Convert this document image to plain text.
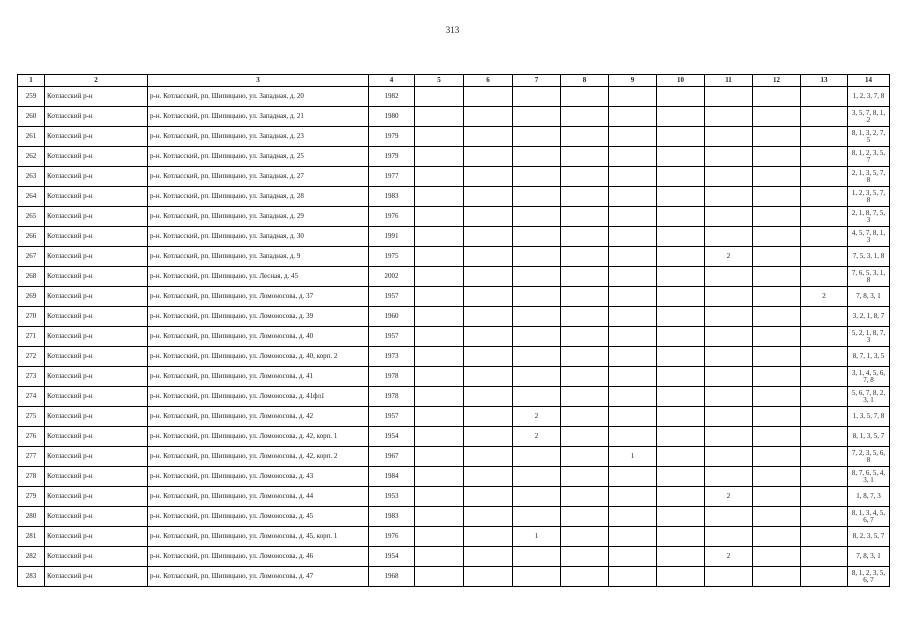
313
1	2	3	4	5	6	7	8	9	10	11	12	13	14
259	Котласский р-н	р-н. Котласский, рп. Шипицыно, ул. Западная, д. 20	1982										1, 2, 3, 7, 8
260	Котласский р-н	р-н. Котласский, рп. Шипицыно, ул. Западная, д. 21	1980										3, 5, 7, 8, 1, 2
261	Котласский р-н	р-н. Котласский, рп. Шипицыно, ул. Западная, д. 23	1979										8, 1, 3, 2, 7, 5
262	Котласский р-н	р-н. Котласский, рп. Шипицыно, ул. Западная, д. 25	1979										8, 1, 2, 3, 5, 7
263	Котласский р-н	р-н. Котласский, рп. Шипицыно, ул. Западная, д. 27	1977										2, 1, 3, 5, 7, 8
264	Котласский р-н	р-н. Котласский, рп. Шипицыно, ул. Западная, д. 28	1983										1, 2, 3, 5, 7, 8
265	Котласский р-н	р-н. Котласский, рп. Шипицыно, ул. Западная, д. 29	1976										2, 1, 8, 7, 5, 3
266	Котласский р-н	р-н. Котласский, рп. Шипицыно, ул. Западная, д. 30	1991										4, 5, 7, 8, 1, 3
267	Котласский р-н	р-н. Котласский, рп. Шипицыно, ул. Западная, д. 9	1975							2			7, 5, 3, 1, 8
268	Котласский р-н	р-н. Котласский, рп. Шипицыно, ул. Лесная, д. 45	2002										7, 6, 5, 3, 1, 8
269	Котласский р-н	р-н. Котласский, рп. Шипицыно, ул. Ломоносова, д. 37	1957									2	7, 8, 3, 1
270	Котласский р-н	р-н. Котласский, рп. Шипицыно, ул. Ломоносова, д. 39	1960										3, 2, 1, 8, 7
271	Котласский р-н	р-н. Котласский, рп. Шипицыно, ул. Ломоносова, д. 40	1957										5, 2, 1, 8, 7, 3
272	Котласский р-н	р-н. Котласский, рп. Шипицыно, ул. Ломоносова, д. 40, корп. 2	1973										8, 7, 1, 3, 5
273	Котласский р-н	р-н. Котласский, рп. Шипицыно, ул. Ломоносова, д. 41	1978										3, 1, 4, 5, 6, 7, 8
274	Котласский р-н	р-н. Котласский, рп. Шипицыно, ул. Ломоносова, д. 41фл1	1978										5, 6, 7, 8, 2, 3, 1
275	Котласский р-н	р-н. Котласский, рп. Шипицыно, ул. Ломоносова, д. 42	1957			2							1, 3, 5, 7, 8
276	Котласский р-н	р-н. Котласский, рп. Шипицыно, ул. Ломоносова, д. 42, корп. 1	1954			2							8, 1, 3, 5, 7
277	Котласский р-н	р-н. Котласский, рп. Шипицыно, ул. Ломоносова, д. 42, корп. 2	1967					1					7, 2, 3, 5, 6, 8
278	Котласский р-н	р-н. Котласский, рп. Шипицыно, ул. Ломоносова, д. 43	1984										8, 7, 6, 5, 4, 3, 1
279	Котласский р-н	р-н. Котласский, рп. Шипицыно, ул. Ломоносова, д. 44	1953							2			1, 8, 7, 3
280	Котласский р-н	р-н. Котласский, рп. Шипицыно, ул. Ломоносова, д. 45	1983										8, 1, 3, 4, 5, 6, 7
281	Котласский р-н	р-н. Котласский, рп. Шипицыно, ул. Ломоносова, д. 45, корп. 1	1976			1							8, 2, 3, 5, 7
282	Котласский р-н	р-н. Котласский, рп. Шипицыно, ул. Ломоносова, д. 46	1954							2			7, 8, 3, 1
283	Котласский р-н	р-н. Котласский, рп. Шипицыно, ул. Ломоносова, д. 47	1968										8, 1, 2, 3, 5, 6, 7
